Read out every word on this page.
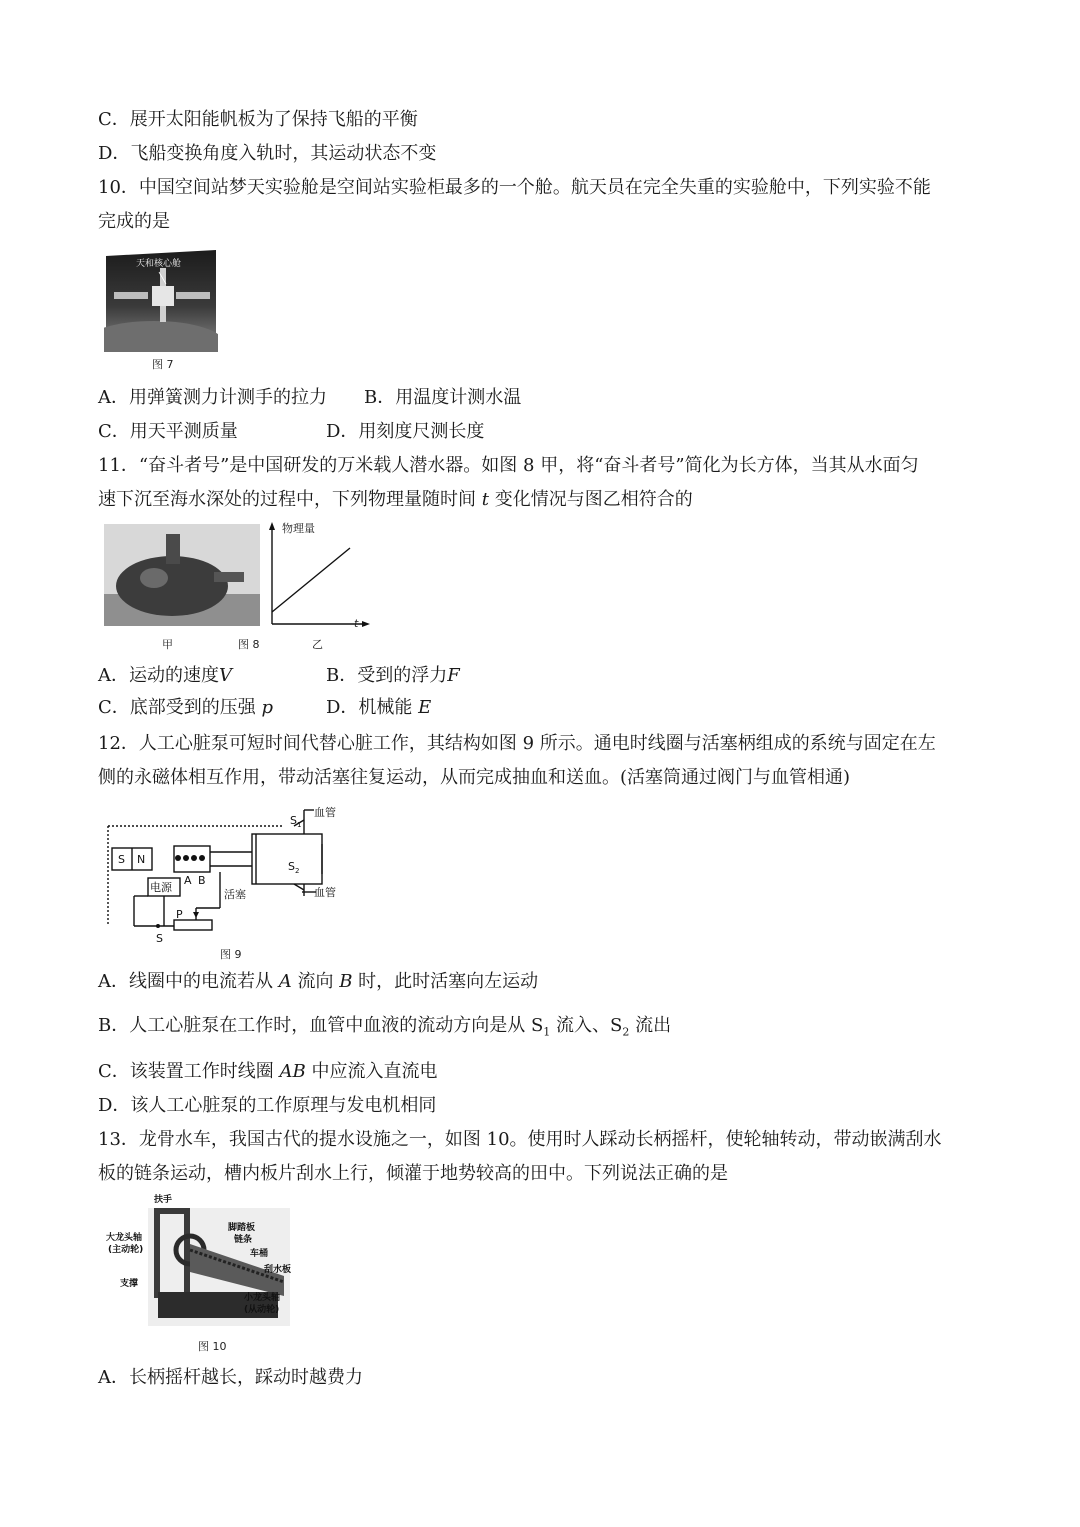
C．展开太阳能帆板为了保持飞船的平衡
D．飞船变换角度入轨时，其运动状态不变
10．中国空间站梦天实验舱是空间站实验柜最多的一个舱。航天员在完全失重的实验舱中，下列实验不能
完成的是
天和核心舱
图 7
A．用弹簧测力计测手的拉力 B．用温度计测水温
C．用天平测质量	D．用刻度尺测长度
11．“奋斗者号”是中国研发的万米载人潜水器。如图 8 甲，将“奋斗者号”简化为长方体，当其从水面匀
速下沉至海水深处的过程中，下列物理量随时间 t 变化情况与图乙相符合的
物理量
t
甲	图 8	乙
A．运动的速度V	B．受到的浮力F
C．底部受到的压强 p	D．机械能 E
12．人工心脏泵可短时间代替心脏工作，其结构如图 9 所示。通电时线圈与活塞柄组成的系统与固定在左
侧的永磁体相互作用，带动活塞往复运动，从而完成抽血和送血。(活塞筒通过阀门与血管相通)
S N
电源
A B
活塞
$S_1$
$S_2$
血管
血管
P
S
图 9
A．线圈中的电流若从 A 流向 B 时，此时活塞向左运动
B．人工心脏泵在工作时，血管中血液的流动方向是从 $S_1$ 流入、$S_2$ 流出
C．该装置工作时线圈 AB 中应流入直流电
D．该人工心脏泵的工作原理与发电机相同
13．龙骨水车，我国古代的提水设施之一，如图 10。使用时人踩动长柄摇杆，使轮轴转动，带动嵌满刮水
板的链条运动，槽内板片刮水上行，倾灌于地势较高的田中。下列说法正确的是
扶手
大龙头轴
(主动轮)
脚踏板
链条
车桶
刮水板
支撑
小龙头轴
(从动轮)
图 10
A．长柄摇杆越长，踩动时越费力
